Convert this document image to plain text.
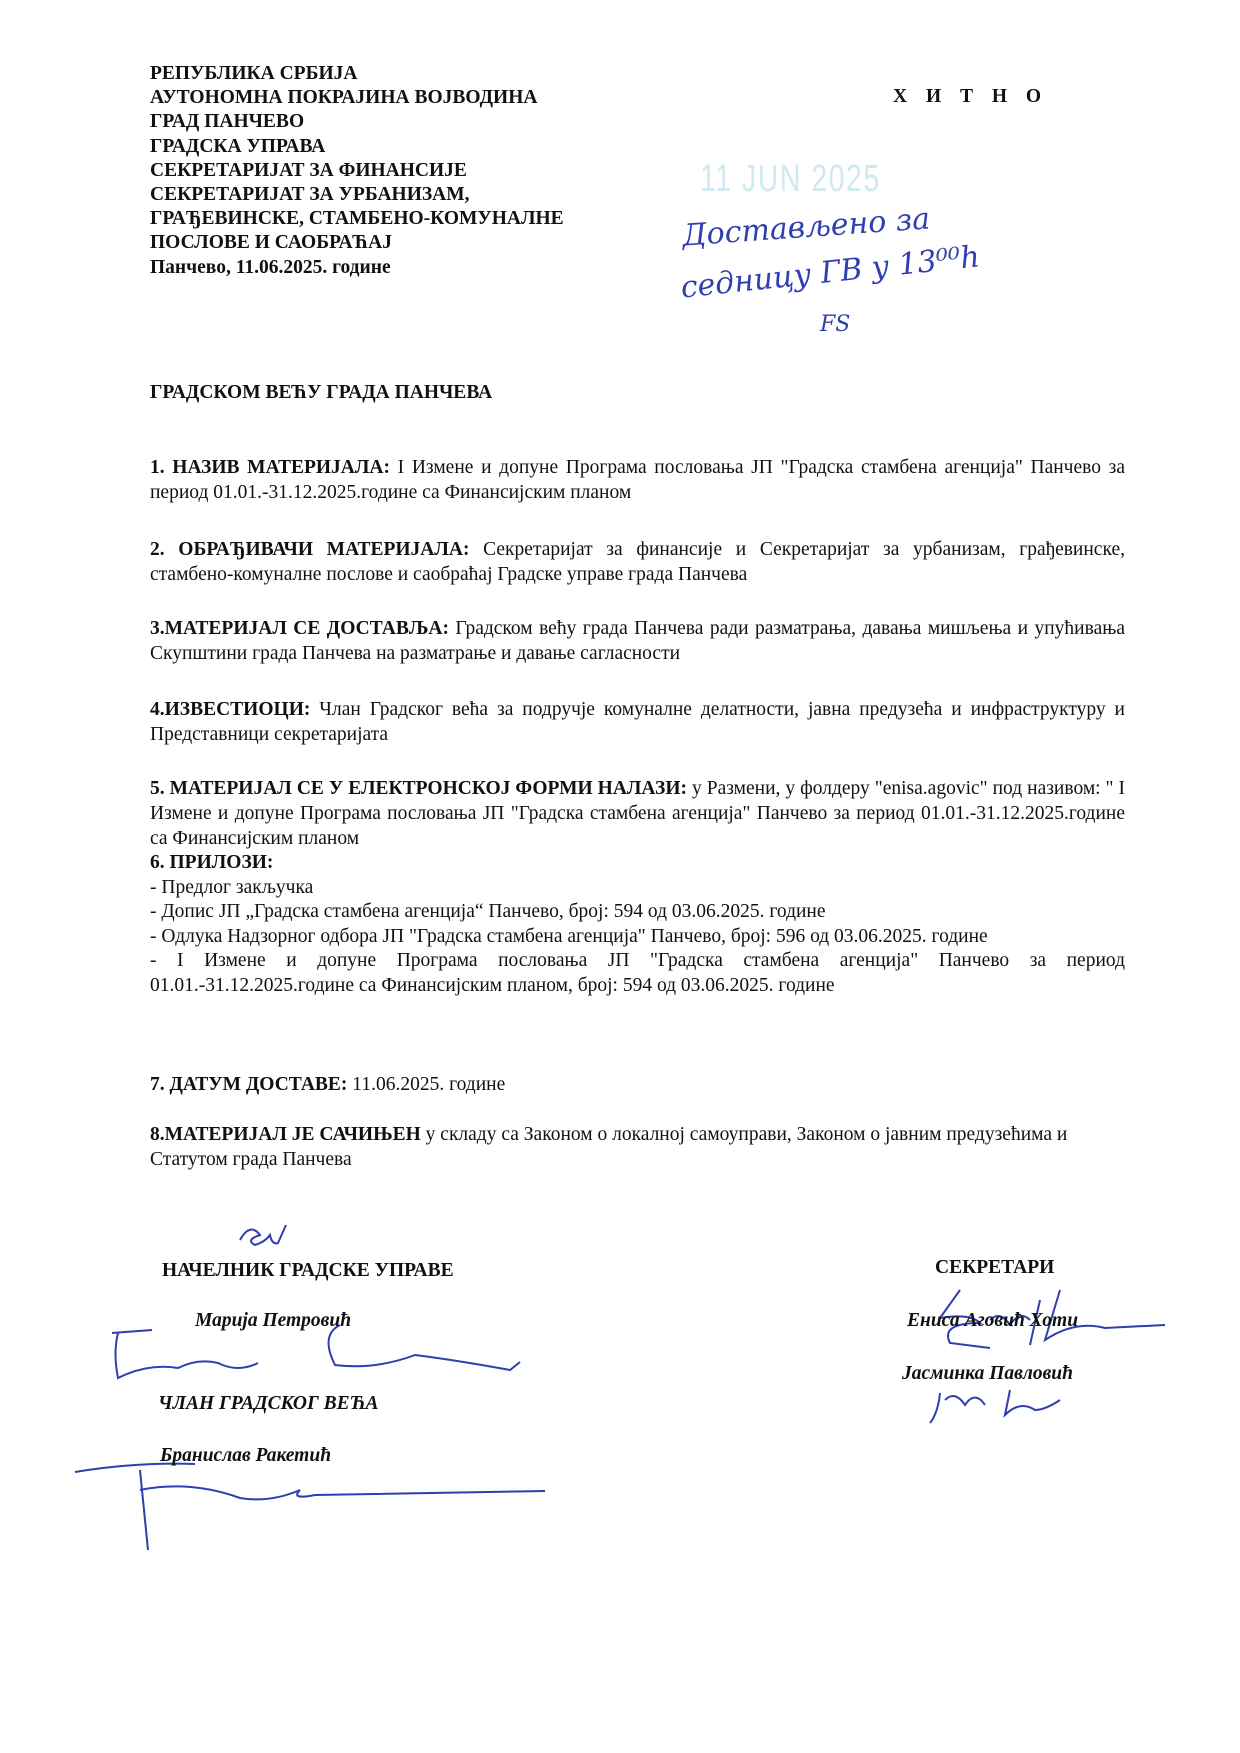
РЕПУБЛИКА СРБИЈА
АУТОНОМНА ПОКРАЈИНА ВОЈВОДИНА
ГРАД ПАНЧЕВО
ГРАДСКА УПРАВА
СЕКРЕТАРИЈАТ ЗА ФИНАНСИЈЕ
СЕКРЕТАРИЈАТ ЗА УРБАНИЗАМ,
ГРАЂЕВИНСКЕ, СТАМБЕНО-КОМУНАЛНЕ
ПОСЛОВЕ И САОБРАЋАЈ
Панчево, 11.06.2025. године
Х И Т Н О
11 JUN 2025
Достављено за
седницу ГВ у 13⁰⁰h
FS
ГРАДСКОМ ВЕЋУ ГРАДА ПАНЧЕВА
1. НАЗИВ МАТЕРИЈАЛА: I Измене и допуне Програма пословања ЈП "Градска стамбена агенција" Панчево за период 01.01.-31.12.2025.године са Финансијским планом
2. ОБРАЂИВАЧИ МАТЕРИЈАЛА: Секретаријат за финансије и Секретаријат за урбанизам, грађевинске, стамбено-комуналне послове и саобраћај Градске управе града Панчева
3.МАТЕРИЈАЛ СЕ ДОСТАВЉА: Градском већу града Панчева ради разматрања, давања мишљења и упућивања Скупштини града Панчева на разматрање и давање сагласности
4.ИЗВЕСТИОЦИ: Члан Градског већа за подручје комуналне делатности, јавна предузећа и инфраструктуру и Представници секретаријата
5. МАТЕРИЈАЛ СЕ У ЕЛЕКТРОНСКОЈ ФОРМИ НАЛАЗИ: у Размени, у фолдеру "enisa.agovic" под називом: " I Измене и допуне Програма пословања ЈП "Градска стамбена агенција" Панчево за период 01.01.-31.12.2025.године са Финансијским планом
6. ПРИЛОЗИ:
- Предлог закључка
- Допис ЈП „Градска стамбена агенција“ Панчево, број: 594 од 03.06.2025. године
- Одлука Надзорног одбора ЈП "Градска стамбена агенција" Панчево, број: 596 од 03.06.2025. године
- I Измене и допуне Програма пословања ЈП "Градска стамбена агенција" Панчево за период 01.01.-31.12.2025.године са Финансијским планом, број: 594 од 03.06.2025. године
7. ДАТУМ ДОСТАВЕ: 11.06.2025. године
8.МАТЕРИЈАЛ ЈЕ САЧИЊЕН у складу са Законом о локалној самоуправи, Законом о јавним предузећима и Статутом града Панчева
НАЧЕЛНИК ГРАДСКЕ УПРАВЕ
Марија Петровић
ЧЛАН ГРАДСКОГ ВЕЋА
Бранислав Ракетић
СЕКРЕТАРИ
Ениса Аговић Хоти
Јасминка Павловић
